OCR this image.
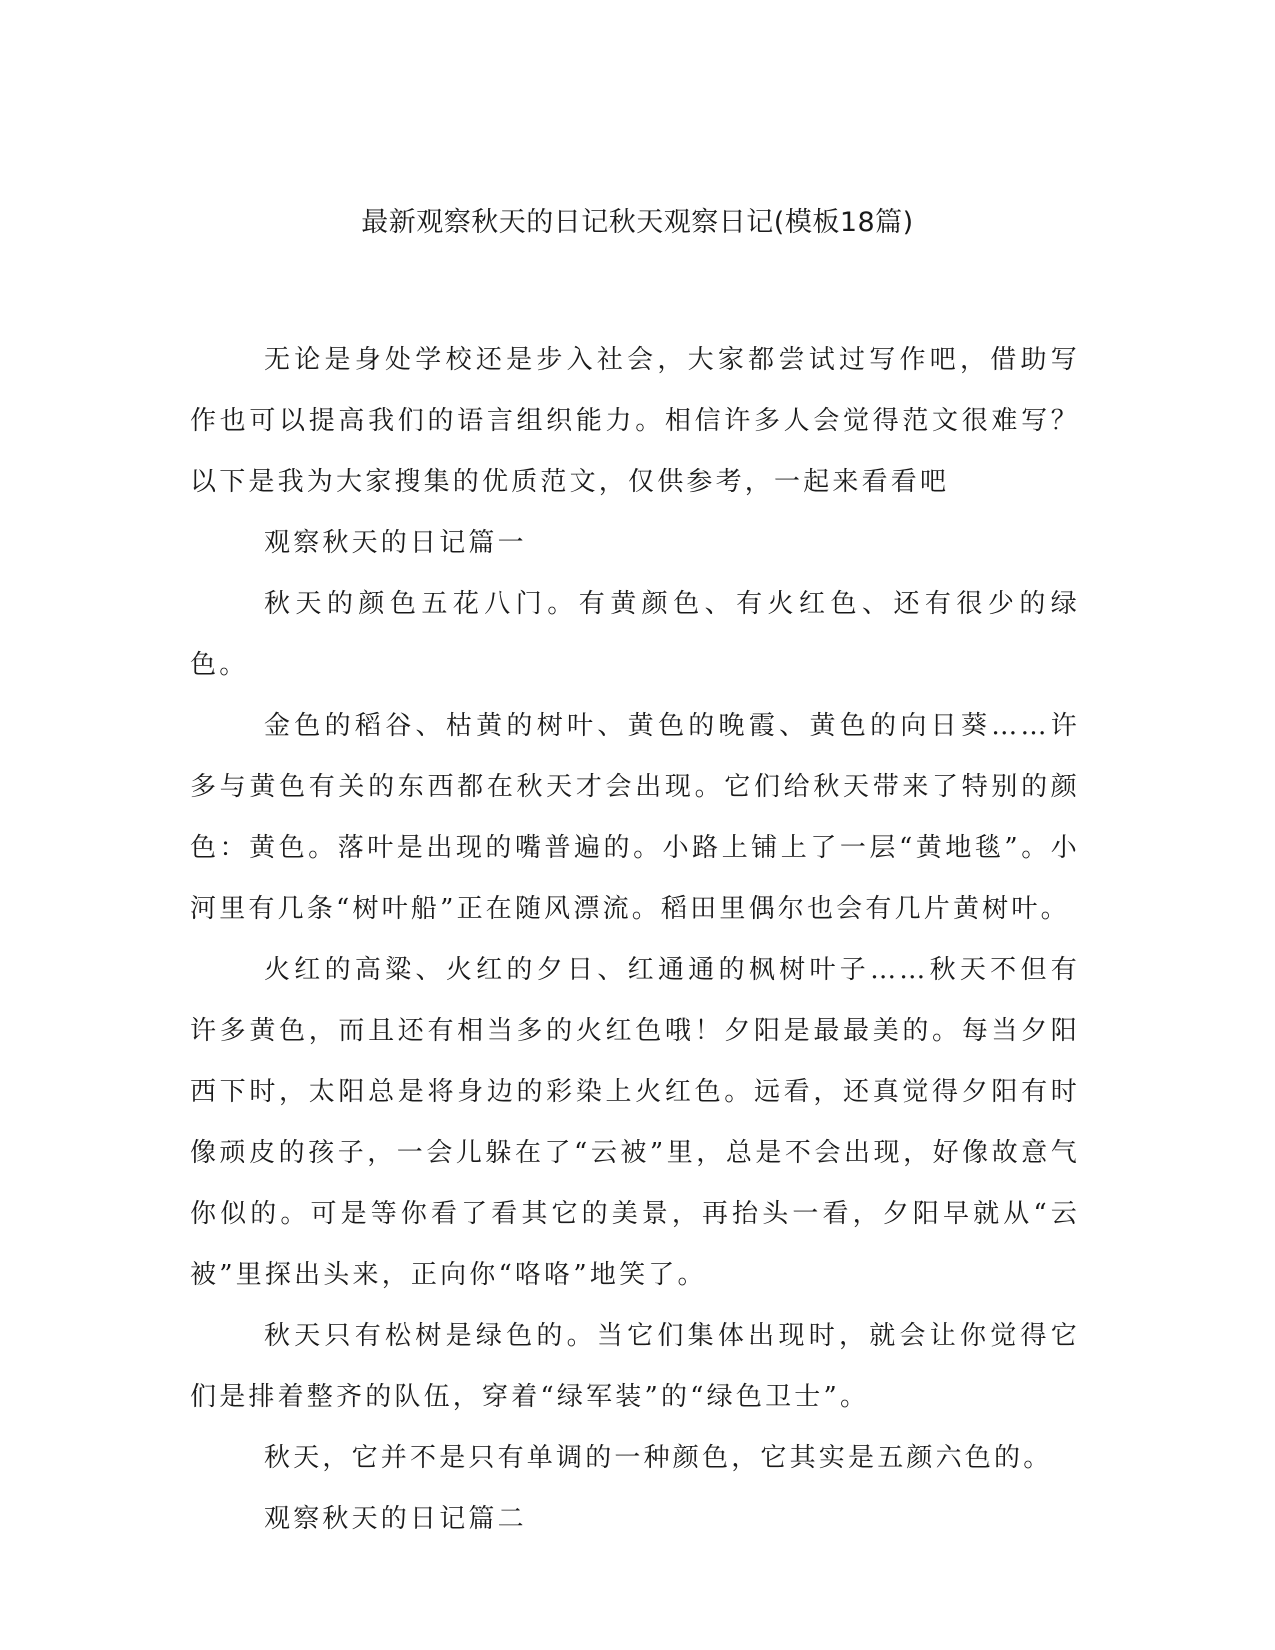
最新观察秋天的日记秋天观察日记(模板18篇)

无论是身处学校还是步入社会，大家都尝试过写作吧，借助写作也可以提高我们的语言组织能力。相信许多人会觉得范文很难写？以下是我为大家搜集的优质范文，仅供参考，一起来看看吧

观察秋天的日记篇一

秋天的颜色五花八门。有黄颜色、有火红色、还有很少的绿色。

金色的稻谷、枯黄的树叶、黄色的晚霞、黄色的向日葵……许多与黄色有关的东西都在秋天才会出现。它们给秋天带来了特别的颜色：黄色。落叶是出现的嘴普遍的。小路上铺上了一层“黄地毯”。小河里有几条“树叶船”正在随风漂流。稻田里偶尔也会有几片黄树叶。

火红的高粱、火红的夕日、红通通的枫树叶子……秋天不但有许多黄色，而且还有相当多的火红色哦！夕阳是最最美的。每当夕阳西下时，太阳总是将身边的彩染上火红色。远看，还真觉得夕阳有时像顽皮的孩子，一会儿躲在了“云被”里，总是不会出现，好像故意气你似的。可是等你看了看其它的美景，再抬头一看，夕阳早就从“云被”里探出头来，正向你“咯咯”地笑了。

秋天只有松树是绿色的。当它们集体出现时，就会让你觉得它们是排着整齐的队伍，穿着“绿军装”的“绿色卫士”。

秋天，它并不是只有单调的一种颜色，它其实是五颜六色的。

观察秋天的日记篇二
